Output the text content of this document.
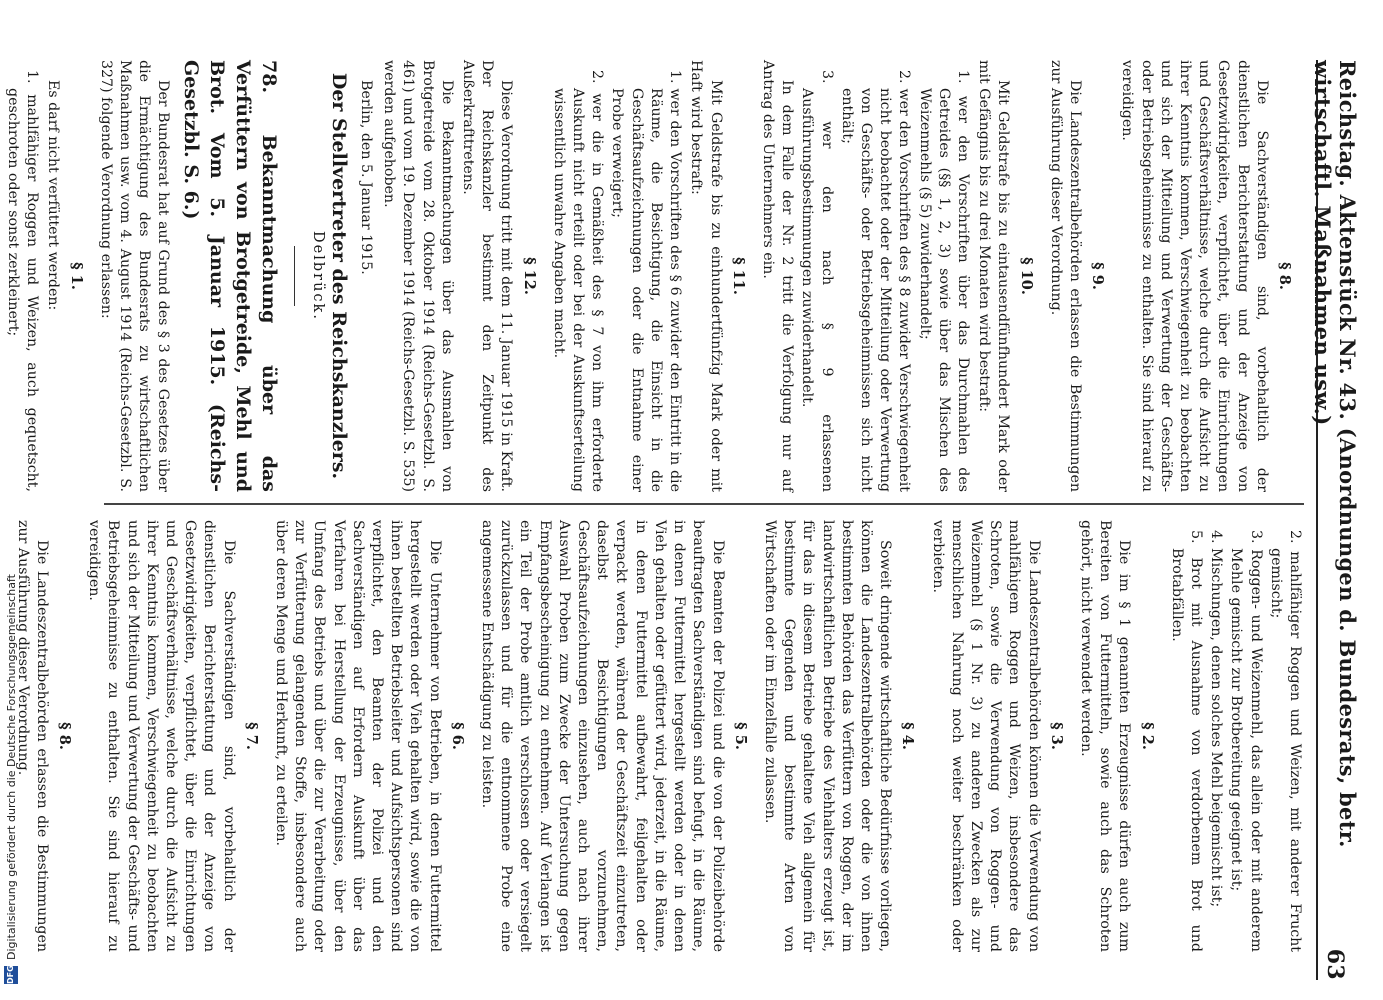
Reichstag. Aktenstück Nr. 43. (Anordnungen d. Bundesrats, betr. wirtschaftl. Maßnahmen usw.)
63
§ 8.

Die Sachverständigen sind, vorbehaltlich der dienstlichen Berichterstattung und der Anzeige von Gesetzwidrigkeiten, verpflichtet, über die Einrichtungen und Geschäftsverhältnisse, welche durch die Aufsicht zu ihrer Kenntnis kommen, Verschwiegenheit zu beobachten und sich der Mitteilung und Verwertung der Geschäfts- oder Betriebsgeheimnisse zu enthalten. Sie sind hierauf zu vereidigen.

§ 9.

Die Landeszentralbehörden erlassen die Bestimmungen zur Ausführung dieser Verordnung.

§ 10.

Mit Geldstrafe bis zu eintausendfünfhundert Mark oder mit Gefängnis bis zu drei Monaten wird bestraft:

1. wer den Vorschriften über das Durchmahlen des Getreides (§§ 1, 2, 3) sowie über das Mischen des Weizenmehls (§ 5) zuwiderhandelt;

2. wer den Vorschriften des § 8 zuwider Verschwiegenheit nicht beobachtet oder der Mitteilung oder Verwertung von Geschäfts- oder Betriebsgeheimnissen sich nicht enthält;

3. wer den nach § 9 erlassenen Ausführungsbestimmungen zuwiderhandelt.

In dem Falle der Nr. 2 tritt die Verfolgung nur auf Antrag des Unternehmers ein.

§ 11.

Mit Geldstrafe bis zu einhundertfünfzig Mark oder mit Haft wird bestraft:

1. wer den Vorschriften des § 6 zuwider den Eintritt in die Räume, die Besichtigung, die Einsicht in die Geschäftsaufzeichnungen oder die Entnahme einer Probe verweigert;

2. wer die in Gemäßheit des § 7 von ihm erforderte Auskunft nicht erteilt oder bei der Auskunftserteilung wissentlich unwahre Angaben macht.

§ 12.

Diese Verordnung tritt mit dem 11. Januar 1915 in Kraft. Der Reichskanzler bestimmt den Zeitpunkt des Außerkrafttretens.

Die Bekanntmachungen über das Ausmahlen von Brotgetreide vom 28. Oktober 1914 (Reichs-Gesetzbl. S. 461) und vom 19. Dezember 1914 (Reichs-Gesetzbl. S. 535) werden aufgehoben.

Berlin, den 5. Januar 1915.

Der Stellvertreter des Reichskanzlers.
Delbrück.
78. Bekanntmachung über das Verfüttern von Brotgetreide, Mehl und Brot. Vom 5. Januar 1915. (Reichs-Gesetzbl. S. 6.)

Der Bundesrat hat auf Grund des § 3 des Gesetzes über die Ermächtigung des Bundesrats zu wirtschaftlichen Maßnahmen usw. vom 4. August 1914 (Reichs-Gesetzbl. S. 327) folgende Verordnung erlassen:

§ 1.

Es darf nicht verfüttert werden:

1. mahlfähiger Roggen und Weizen, auch gequetscht, geschroten oder sonst zerkleinert;

2. mahlfähiger Roggen und Weizen, mit anderer Frucht gemischt;

3. Roggen- und Weizenmehl, das allein oder mit anderem Mehle gemischt zur Brotbereitung geeignet ist;

4. Mischungen, denen solches Mehl beigemischt ist;

5. Brot mit Ausnahme von verdorbenem Brot und Brotabfällen.

§ 2.

Die im § 1 genannten Erzeugnisse dürfen auch zum Bereiten von Futtermitteln, sowie auch das Schroten gehört, nicht verwendet werden.

§ 3.

Die Landeszentralbehörden können die Verwendung von mahlfähigem Roggen und Weizen, insbesondere das Schroten, sowie die Verwendung von Roggen- und Weizenmehl (§ 1 Nr. 3) zu anderen Zwecken als zur menschlichen Nahrung noch weiter beschränken oder verbieten.

§ 4.

Soweit dringende wirtschaftliche Bedürfnisse vorliegen, können die Landeszentralbehörden oder die von ihnen bestimmten Behörden das Verfüttern von Roggen, der im landwirtschaftlichen Betriebe des Viehhalters erzeugt ist, für das in diesem Betriebe gehaltene Vieh allgemein für bestimmte Gegenden und bestimmte Arten von Wirtschaften oder im Einzelfalle zulassen.

§ 5.

Die Beamten der Polizei und die von der Polizeibehörde beauftragten Sachverständigen sind befugt, in die Räume, in denen Futtermittel hergestellt werden oder in denen Vieh gehalten oder gefüttert wird, jederzeit, in die Räume, in denen Futtermittel aufbewahrt, feilgehalten oder verpackt werden, während der Geschäftszeit einzutreten, daselbst Besichtigungen vorzunehmen, Geschäftsaufzeichnungen einzusehen, auch nach ihrer Auswahl Proben zum Zwecke der Untersuchung gegen Empfangsbescheinigung zu entnehmen. Auf Verlangen ist ein Teil der Probe amtlich verschlossen oder versiegelt zurückzulassen und für die entnommene Probe eine angemessene Entschädigung zu leisten.

§ 6.

Die Unternehmer von Betrieben, in denen Futtermittel hergestellt werden oder Vieh gehalten wird, sowie die von ihnen bestellten Betriebsleiter und Aufsichtspersonen sind verpflichtet, den Beamten der Polizei und den Sachverständigen auf Erfordern Auskunft über das Verfahren bei Herstellung der Erzeugnisse, über den Umfang des Betriebs und über die zur Verarbeitung oder zur Verfütterung gelangenden Stoffe, insbesondere auch über deren Menge und Herkunft, zu erteilen.

§ 7.

Die Sachverständigen sind, vorbehaltlich der dienstlichen Berichterstattung und der Anzeige von Gesetzwidrigkeiten, verpflichtet, über die Einrichtungen und Geschäftsverhältnisse, welche durch die Aufsicht zu ihrer Kenntnis kommen, Verschwiegenheit zu beobachten und sich der Mitteilung und Verwertung der Geschäfts- und Betriebsgeheimnisse zu enthalten. Sie sind hierauf zu vereidigen.

§ 8.

Die Landeszentralbehörden erlassen die Bestimmungen zur Ausführung dieser Verordnung.

DFG
Digitalisierung gefördert durch die Deutsche Forschungsgemeinschaft
